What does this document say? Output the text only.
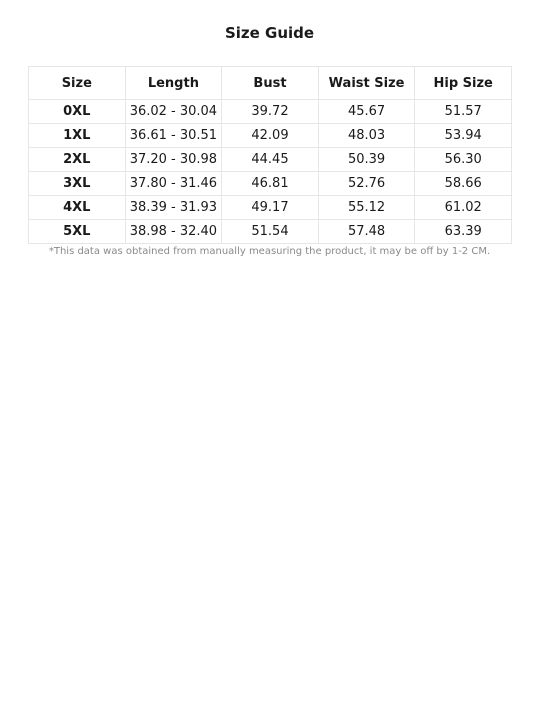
Size Guide
Size	Length	Bust	Waist Size	Hip Size
0XL	36.02 - 30.04	39.72	45.67	51.57
1XL	36.61 - 30.51	42.09	48.03	53.94
2XL	37.20 - 30.98	44.45	50.39	56.30
3XL	37.80 - 31.46	46.81	52.76	58.66
4XL	38.39 - 31.93	49.17	55.12	61.02
5XL	38.98 - 32.40	51.54	57.48	63.39
*This data was obtained from manually measuring the product, it may be off by 1-2 CM.
